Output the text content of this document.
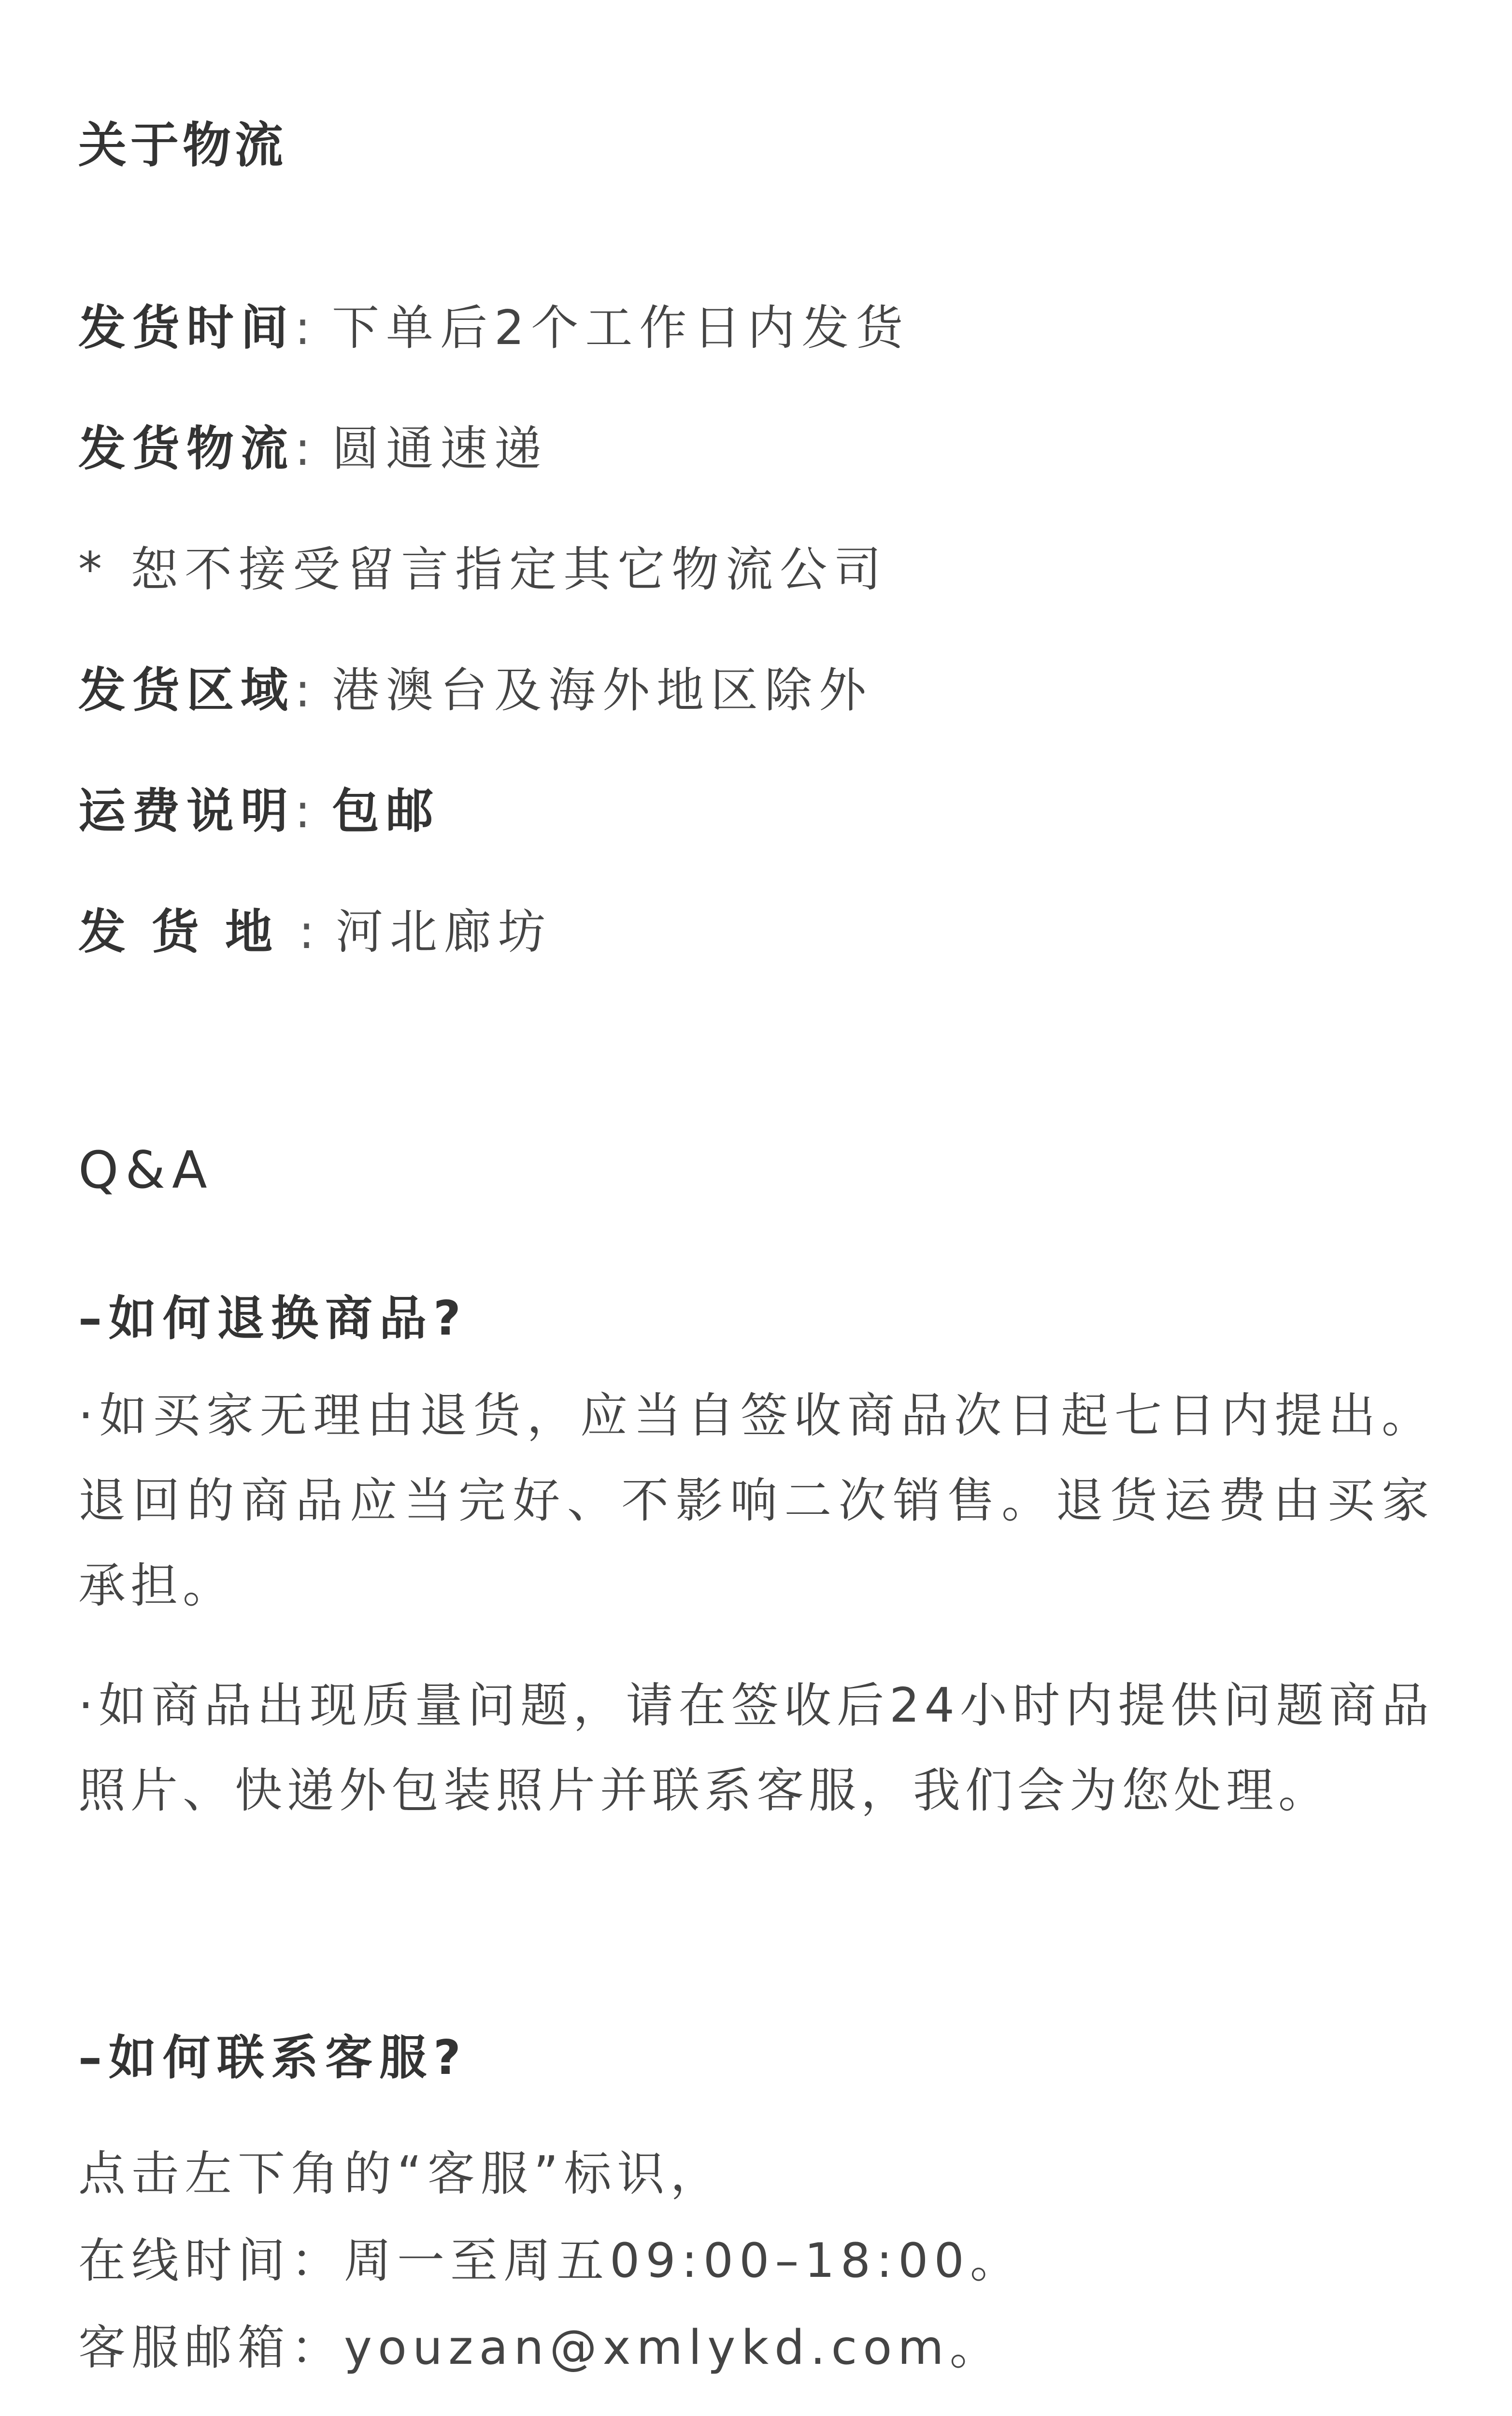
关于物流
发货时间: 下单后2个工作日内发货
发货物流: 圆通速递
* 恕不接受留言指定其它物流公司
发货区域: 港澳台及海外地区除外
运费说明: 包邮
发货地: 河北廊坊
Q&A
–如何退换商品?
·如买家无理由退货，应当自签收商品次日起七日内提出。退回的商品应当完好、不影响二次销售。退货运费由买家承担。
·如商品出现质量问题，请在签收后24小时内提供问题商品照片、快递外包装照片并联系客服，我们会为您处理。
–如何联系客服?
点击左下角的“客服”标识，
在线时间：周一至周五09:00–18:00。
客服邮箱：youzan@xmlykd.com。
